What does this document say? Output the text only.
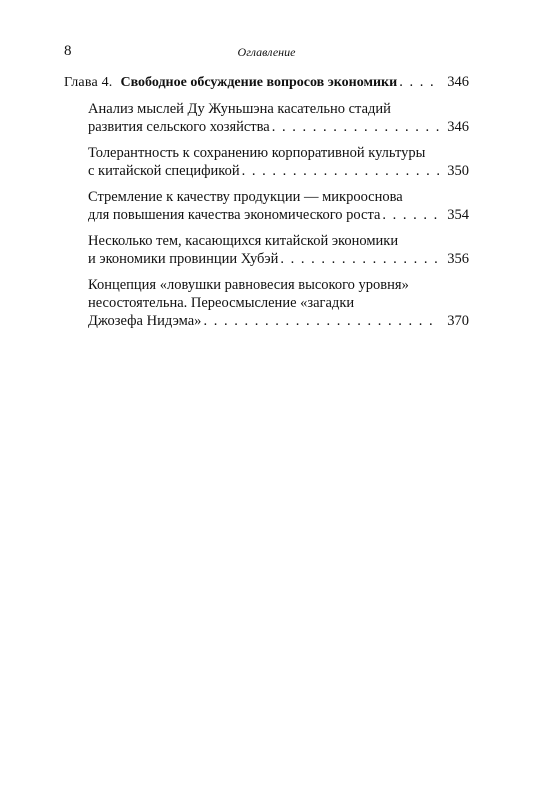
8	Оглавление
Глава 4. Свободное обсуждение вопросов экономики . . .	346
Анализ мыслей Ду Жуньшэна касательно стадий
развития сельского хозяйства . . .	346
Толерантность к сохранению корпоративной культуры
с китайской спецификой . . .	350
Стремление к качеству продукции — микрооснова
для повышения качества экономического роста . . .	354
Несколько тем, касающихся китайской экономики
и экономики провинции Хубэй . . .	356
Концепция «ловушки равновесия высокого уровня»
несостоятельна. Переосмысление «загадки
Джозефа Нидэма» . . .	370
